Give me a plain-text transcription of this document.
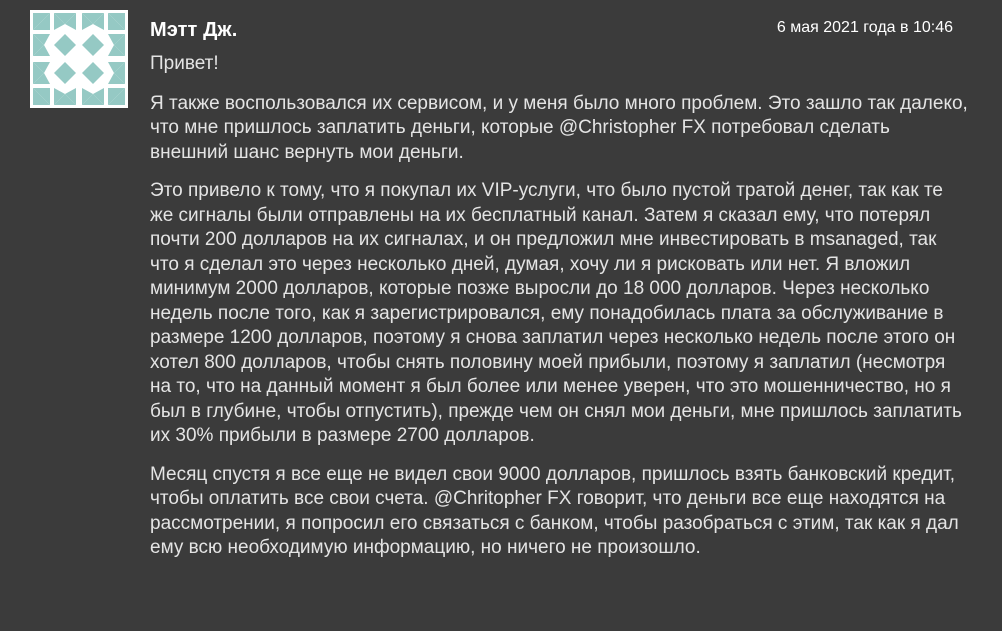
Мэтт Дж.	6 мая 2021 года в 10:46

Привет!

Я также воспользовался их сервисом, и у меня было много проблем. Это зашло так далеко, что мне пришлось заплатить деньги, которые @Christopher FX потребовал сделать внешний шанс вернуть мои деньги.

Это привело к тому, что я покупал их VIP-услуги, что было пустой тратой денег, так как те же сигналы были отправлены на их бесплатный канал. Затем я сказал ему, что потерял почти 200 долларов на их сигналах, и он предложил мне инвестировать в msanaged, так что я сделал это через несколько дней, думая, хочу ли я рисковать или нет. Я вложил минимум 2000 долларов, которые позже выросли до 18 000 долларов. Через несколько недель после того, как я зарегистрировался, ему понадобилась плата за обслуживание в размере 1200 долларов, поэтому я снова заплатил через несколько недель после этого он хотел 800 долларов, чтобы снять половину моей прибыли, поэтому я заплатил (несмотря на то, что на данный момент я был более или менее уверен, что это мошенничество, но я был в глубине, чтобы отпустить), прежде чем он снял мои деньги, мне пришлось заплатить их 30% прибыли в размере 2700 долларов.

Месяц спустя я все еще не видел свои 9000 долларов, пришлось взять банковский кредит, чтобы оплатить все свои счета. @Chritopher FX говорит, что деньги все еще находятся на рассмотрении, я попросил его связаться с банком, чтобы разобраться с этим, так как я дал ему всю необходимую информацию, но ничего не произошло.
